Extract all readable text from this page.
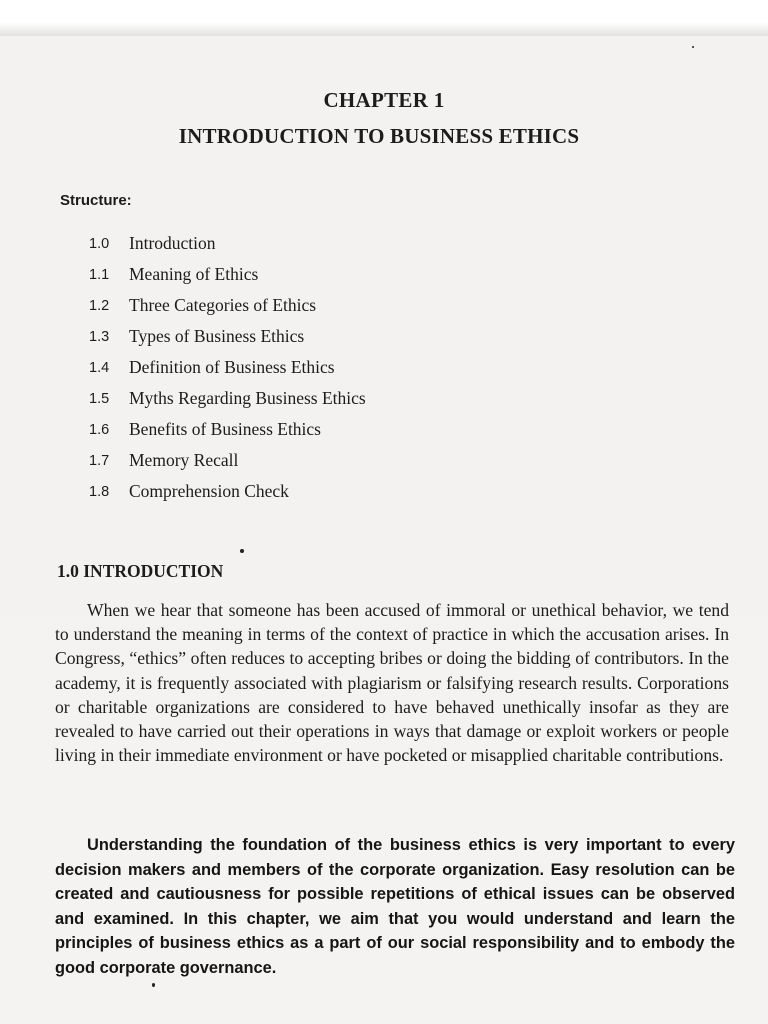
CHAPTER 1
INTRODUCTION TO BUSINESS ETHICS
Structure:
1.0	Introduction
1.1	Meaning of Ethics
1.2	Three Categories of Ethics
1.3	Types of Business Ethics
1.4	Definition of Business Ethics
1.5	Myths Regarding Business Ethics
1.6	Benefits of Business Ethics
1.7	Memory Recall
1.8	Comprehension Check
1.0 INTRODUCTION

When we hear that someone has been accused of immoral or unethical behavior, we tend to understand the meaning in terms of the context of practice in which the accusation arises. In Congress, “ethics” often reduces to accepting bribes or doing the bidding of contributors. In the academy, it is frequently associated with plagiarism or falsifying research results. Corporations or charitable organizations are considered to have behaved unethically insofar as they are revealed to have carried out their operations in ways that damage or exploit workers or people living in their immediate environment or have pocketed or misapplied charitable contributions.

Understanding the foundation of the business ethics is very important to every decision makers and members of the corporate organization. Easy resolution can be created and cautiousness for possible repetitions of ethical issues can be observed and examined. In this chapter, we aim that you would understand and learn the principles of business ethics as a part of our social responsibility and to embody the good corporate governance.
